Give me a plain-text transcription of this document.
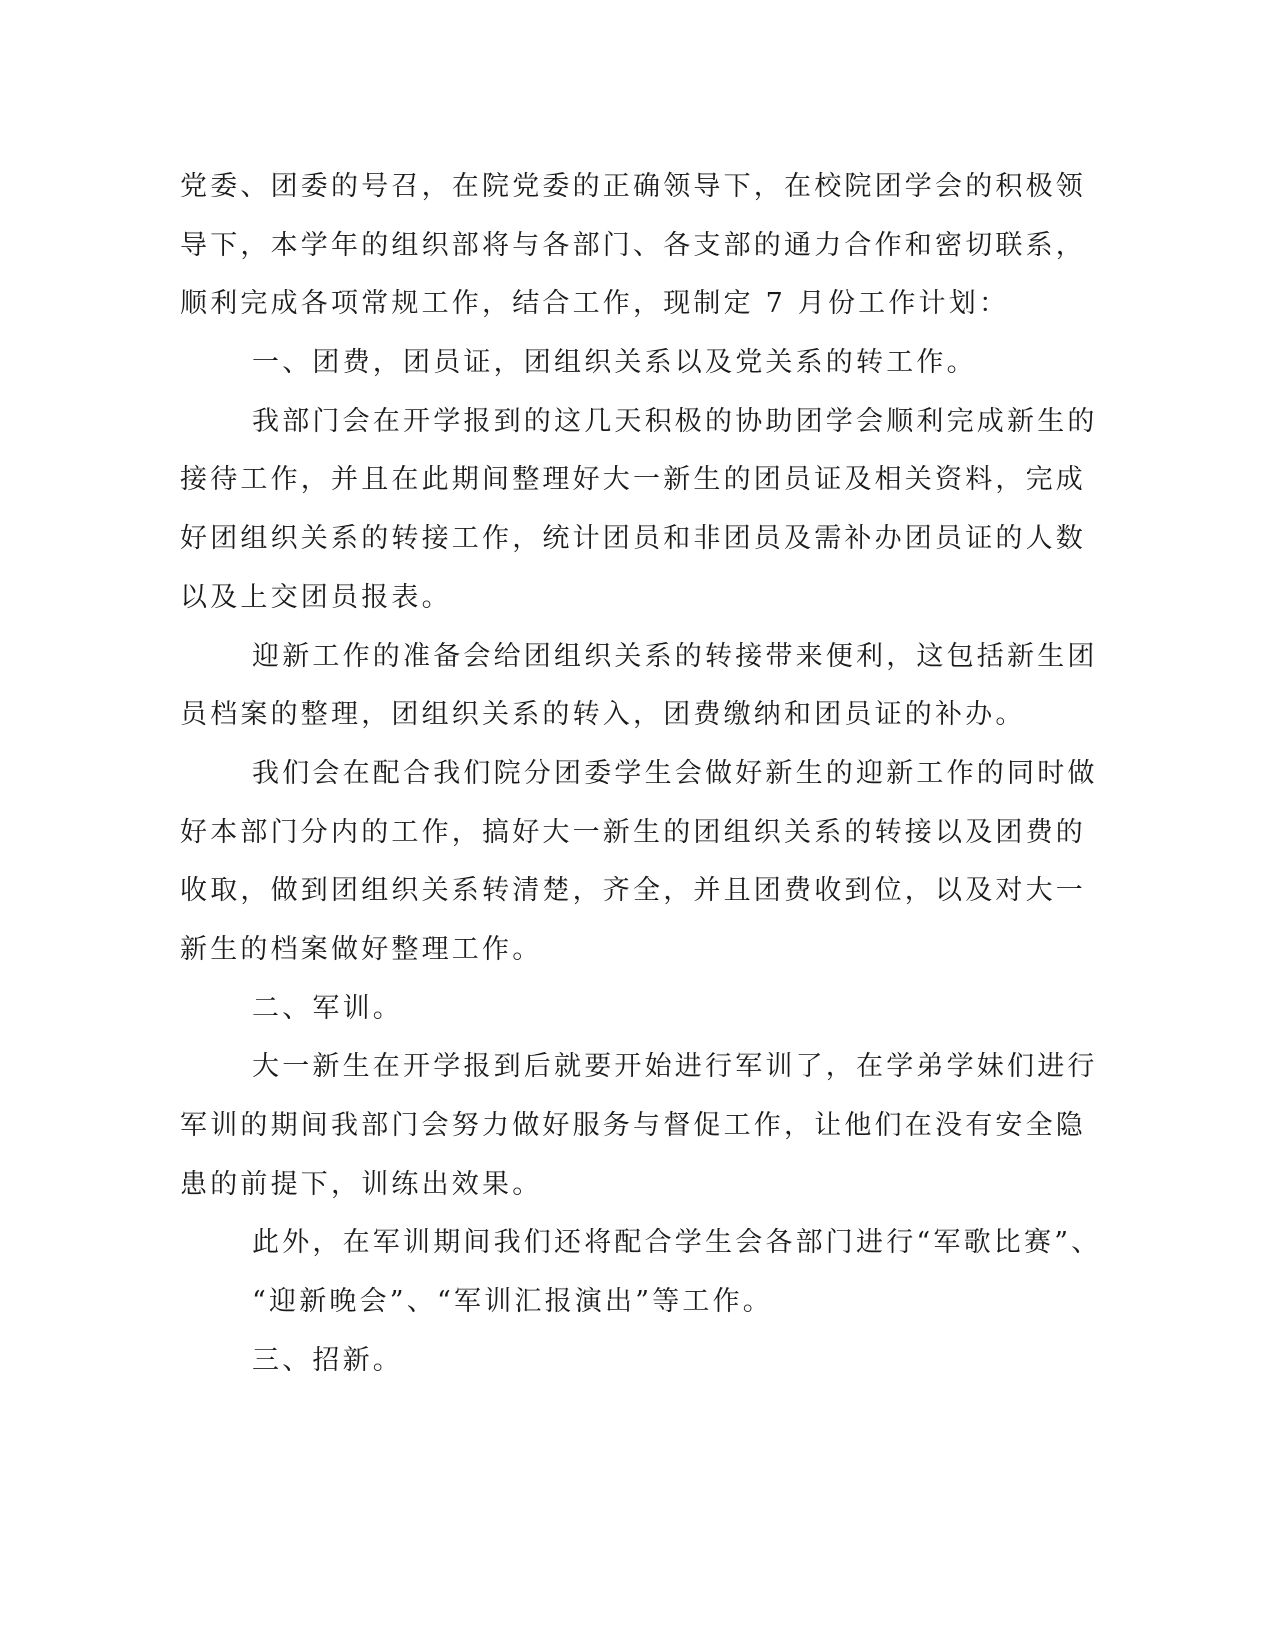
党委、团委的号召，在院党委的正确领导下，在校院团学会的积极领
导下，本学年的组织部将与各部门、各支部的通力合作和密切联系，
顺利完成各项常规工作，结合工作，现制定 7 月份工作计划：
一、团费，团员证，团组织关系以及党关系的转工作。
我部门会在开学报到的这几天积极的协助团学会顺利完成新生的
接待工作，并且在此期间整理好大一新生的团员证及相关资料，完成
好团组织关系的转接工作，统计团员和非团员及需补办团员证的人数
以及上交团员报表。
迎新工作的准备会给团组织关系的转接带来便利，这包括新生团
员档案的整理，团组织关系的转入，团费缴纳和团员证的补办。
我们会在配合我们院分团委学生会做好新生的迎新工作的同时做
好本部门分内的工作，搞好大一新生的团组织关系的转接以及团费的
收取，做到团组织关系转清楚，齐全，并且团费收到位，以及对大一
新生的档案做好整理工作。
二、军训。
大一新生在开学报到后就要开始进行军训了，在学弟学妹们进行
军训的期间我部门会努力做好服务与督促工作，让他们在没有安全隐
患的前提下，训练出效果。
此外，在军训期间我们还将配合学生会各部门进行“军歌比赛”、
“迎新晚会”、“军训汇报演出”等工作。
三、招新。
